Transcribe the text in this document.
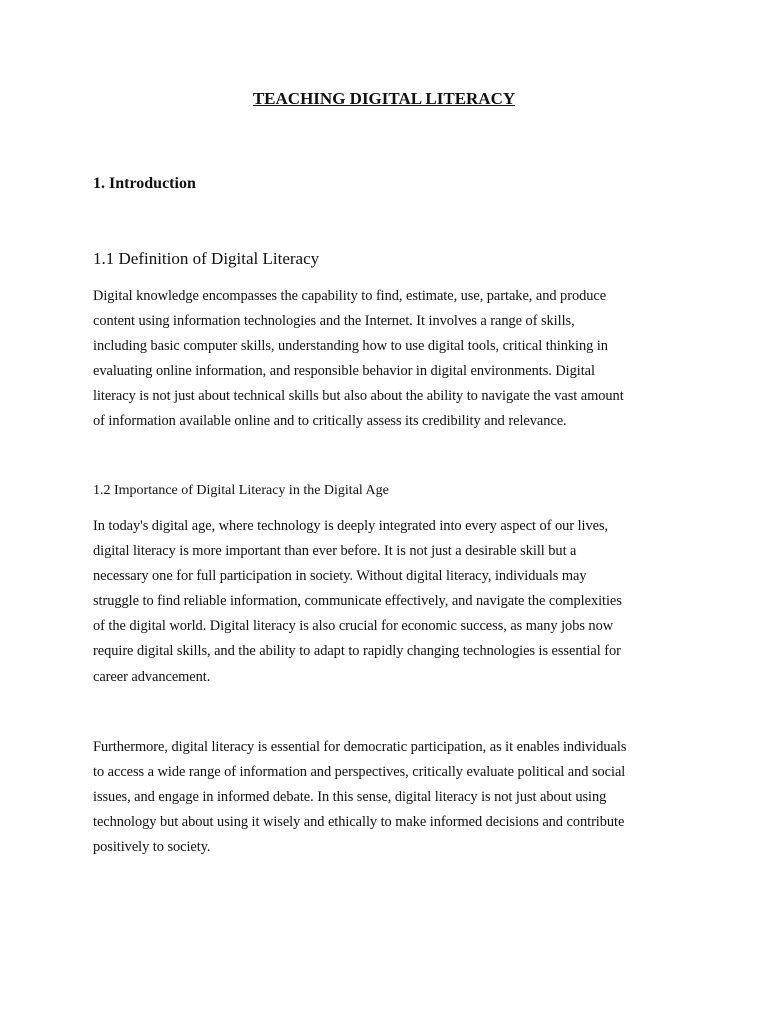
TEACHING DIGITAL LITERACY
1. Introduction
1.1 Definition of Digital Literacy

Digital knowledge encompasses the capability to find, estimate, use, partake, and produce
content using information technologies and the Internet. It involves a range of skills,
including basic computer skills, understanding how to use digital tools, critical thinking in
evaluating online information, and responsible behavior in digital environments. Digital
literacy is not just about technical skills but also about the ability to navigate the vast amount
of information available online and to critically assess its credibility and relevance.

1.2 Importance of Digital Literacy in the Digital Age

In today's digital age, where technology is deeply integrated into every aspect of our lives,
digital literacy is more important than ever before. It is not just a desirable skill but a
necessary one for full participation in society. Without digital literacy, individuals may
struggle to find reliable information, communicate effectively, and navigate the complexities
of the digital world. Digital literacy is also crucial for economic success, as many jobs now
require digital skills, and the ability to adapt to rapidly changing technologies is essential for
career advancement.

Furthermore, digital literacy is essential for democratic participation, as it enables individuals
to access a wide range of information and perspectives, critically evaluate political and social
issues, and engage in informed debate. In this sense, digital literacy is not just about using
technology but about using it wisely and ethically to make informed decisions and contribute
positively to society.
